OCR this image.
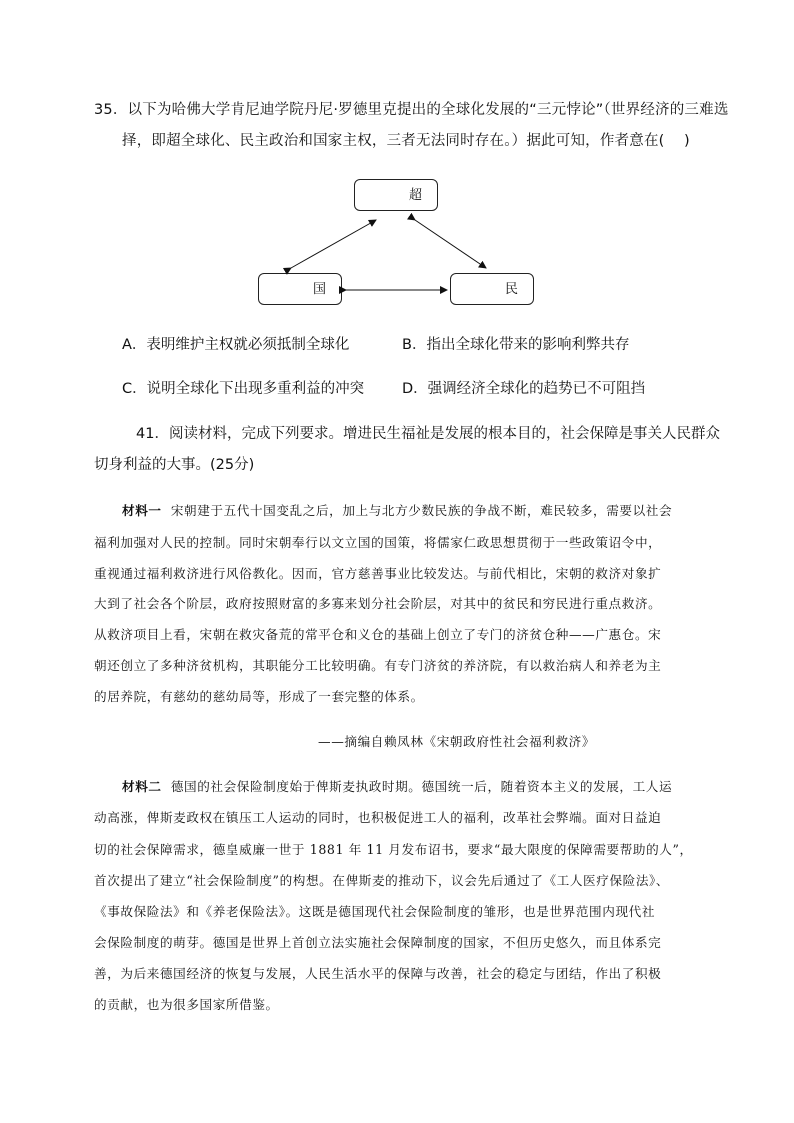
35．以下为哈佛大学肯尼迪学院丹尼·罗德里克提出的全球化发展的“三元悖论”（世界经济的三难选
择，即超全球化、民主政治和国家主权，三者无法同时存在。）据此可知，作者意在(　 )
超
国	民
A．表明维护主权就必须抵制全球化	B．指出全球化带来的影响利弊共存
C．说明全球化下出现多重利益的冲突	D．强调经济全球化的趋势已不可阻挡
41．阅读材料，完成下列要求。增进民生福祉是发展的根本目的，社会保障是事关人民群众
切身利益的大事。(25分)
材料一 宋朝建于五代十国变乱之后，加上与北方少数民族的争战不断，难民较多，需要以社会
福利加强对人民的控制。同时宋朝奉行以文立国的国策，将儒家仁政思想贯彻于一些政策诏令中，
重视通过福利救济进行风俗教化。因而，官方慈善事业比较发达。与前代相比，宋朝的救济对象扩
大到了社会各个阶层，政府按照财富的多寡来划分社会阶层，对其中的贫民和穷民进行重点救济。
从救济项目上看，宋朝在救灾备荒的常平仓和义仓的基础上创立了专门的济贫仓种——广惠仓。宋
朝还创立了多种济贫机构，其职能分工比较明确。有专门济贫的养济院，有以救治病人和养老为主
的居养院，有慈幼的慈幼局等，形成了一套完整的体系。
——摘编自赖凤林《宋朝政府性社会福利救济》
材料二 德国的社会保险制度始于俾斯麦执政时期。德国统一后，随着资本主义的发展，工人运
动高涨，俾斯麦政权在镇压工人运动的同时，也积极促进工人的福利，改革社会弊端。面对日益迫
切的社会保障需求，德皇威廉一世于 1881 年 11 月发布诏书，要求“最大限度的保障需要帮助的人”，
首次提出了建立“社会保险制度”的构想。在俾斯麦的推动下，议会先后通过了《工人医疗保险法》、
《事故保险法》和《养老保险法》。这既是德国现代社会保险制度的雏形，也是世界范围内现代社
会保险制度的萌芽。德国是世界上首创立法实施社会保障制度的国家，不但历史悠久，而且体系完
善，为后来德国经济的恢复与发展，人民生活水平的保障与改善，社会的稳定与团结，作出了积极
的贡献，也为很多国家所借鉴。
